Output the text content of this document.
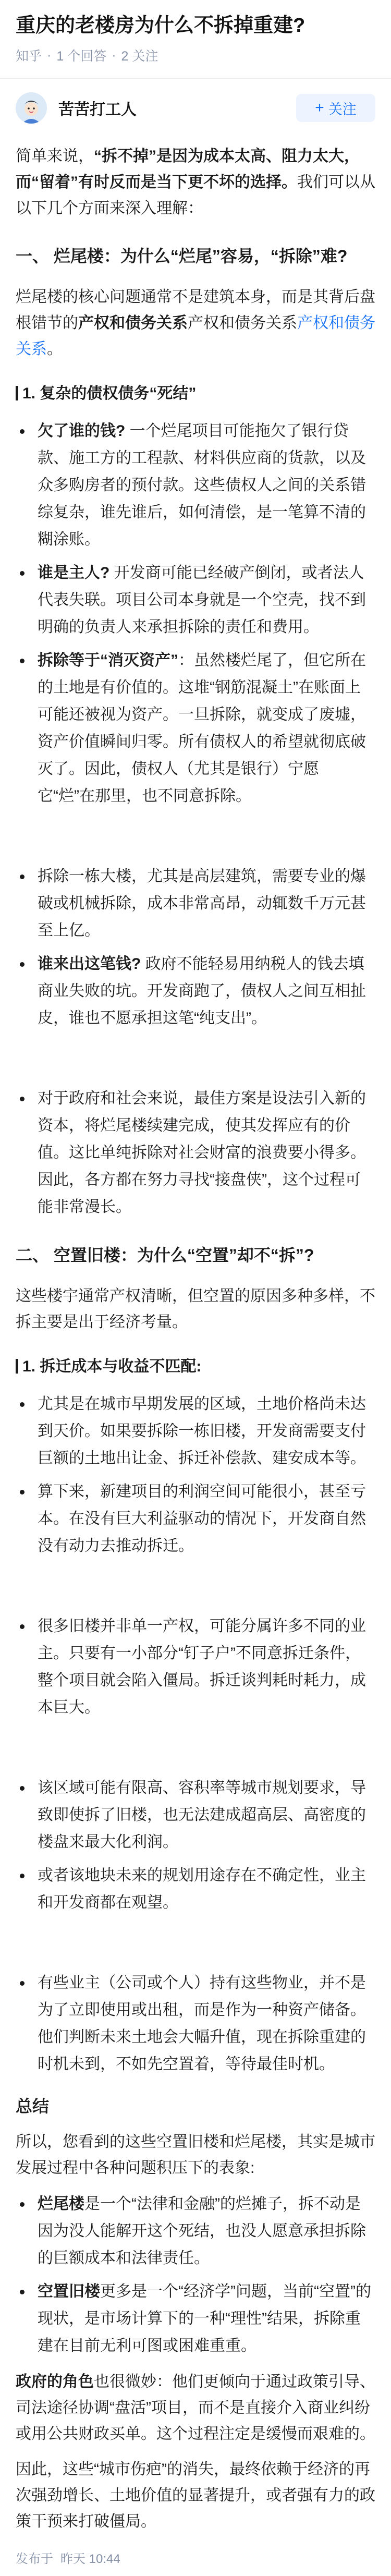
重庆的老楼房为什么不拆掉重建?
知乎 · 1 个回答 · 2 关注
苦苦打工人	+ 关注

简单来说，“拆不掉”是因为成本太高、阻力太大，而“留着”有时反而是当下更不坏的选择。我们可以从以下几个方面来深入理解：

一、 烂尾楼：为什么“烂尾”容易，“拆除”难?

烂尾楼的核心问题通常不是建筑本身，而是其背后盘根错节的产权和债务关系产权和债务关系产权和债务关系。

1. 复杂的债权债务“死结”
欠了谁的钱? 一个烂尾项目可能拖欠了银行贷款、施工方的工程款、材料供应商的货款，以及众多购房者的预付款。这些债权人之间的关系错综复杂，谁先谁后，如何清偿，是一笔算不清的糊涂账。
谁是主人? 开发商可能已经破产倒闭，或者法人代表失联。项目公司本身就是一个空壳，找不到明确的负责人来承担拆除的责任和费用。
拆除等于“消灭资产”：虽然楼烂尾了，但它所在的土地是有价值的。这堆“钢筋混凝土”在账面上可能还被视为资产。一旦拆除，就变成了废墟，资产价值瞬间归零。所有债权人的希望就彻底破灭了。因此，债权人（尤其是银行）宁愿它“烂”在那里，也不同意拆除。
拆除一栋大楼，尤其是高层建筑，需要专业的爆破或机械拆除，成本非常高昂，动辄数千万元甚至上亿。
谁来出这笔钱? 政府不能轻易用纳税人的钱去填商业失败的坑。开发商跑了，债权人之间互相扯皮，谁也不愿承担这笔“纯支出”。
对于政府和社会来说，最佳方案是设法引入新的资本，将烂尾楼续建完成，使其发挥应有的价值。这比单纯拆除对社会财富的浪费要小得多。因此，各方都在努力寻找“接盘侠”，这个过程可能非常漫长。
二、 空置旧楼：为什么“空置”却不“拆”?

这些楼宇通常产权清晰，但空置的原因多种多样，不拆主要是出于经济考量。

1. 拆迁成本与收益不匹配:
尤其是在城市早期发展的区域，土地价格尚未达到天价。如果要拆除一栋旧楼，开发商需要支付巨额的土地出让金、拆迁补偿款、建安成本等。
算下来，新建项目的利润空间可能很小，甚至亏本。在没有巨大利益驱动的情况下，开发商自然没有动力去推动拆迁。
很多旧楼并非单一产权，可能分属许多不同的业主。只要有一小部分“钉子户”不同意拆迁条件，整个项目就会陷入僵局。拆迁谈判耗时耗力，成本巨大。
该区域可能有限高、容积率等城市规划要求，导致即使拆了旧楼，也无法建成超高层、高密度的楼盘来最大化利润。
或者该地块未来的规划用途存在不确定性，业主和开发商都在观望。
有些业主（公司或个人）持有这些物业，并不是为了立即使用或出租，而是作为一种资产储备。他们判断未来土地会大幅升值，现在拆除重建的时机未到，不如先空置着，等待最佳时机。
总结

所以，您看到的这些空置旧楼和烂尾楼，其实是城市发展过程中各种问题积压下的表象:

烂尾楼是一个“法律和金融”的烂摊子，拆不动是因为没人能解开这个死结，也没人愿意承担拆除的巨额成本和法律责任。
空置旧楼更多是一个“经济学”问题，当前“空置”的现状，是市场计算下的一种“理性”结果，拆除重建在目前无利可图或困难重重。

政府的角色也很微妙：他们更倾向于通过政策引导、司法途径协调“盘活”项目，而不是直接介入商业纠纷或用公共财政买单。这个过程注定是缓慢而艰难的。

因此，这些“城市伤疤”的消失，最终依赖于经济的再次强劲增长、土地价值的显著提升，或者强有力的政策干预来打破僵局。

发布于 昨天 10:44
